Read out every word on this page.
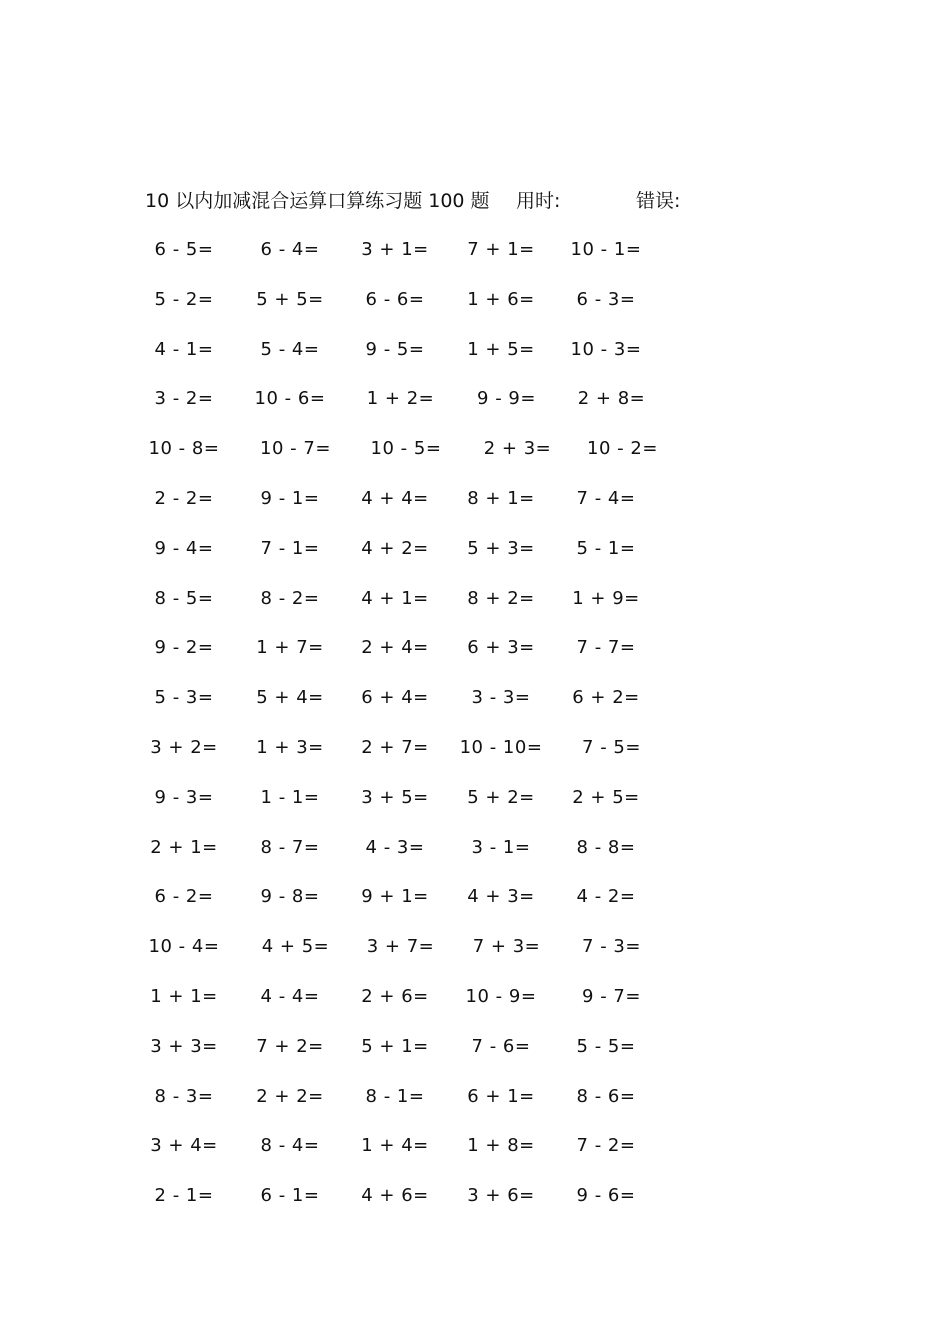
10 以内加减混合运算口算练习题 100 题 用时:	错误:
6 - 5=	6 - 4= 3 + 1= 7 + 1= 10 - 1=
5 - 2= 5 + 5= 6 - 6= 1 + 6= 6 - 3=
4 - 1=	5 - 4=	9 - 5= 1 + 5= 10 - 3=
3 - 2= 10 - 6= 1 + 2= 9 - 9= 2 + 8=
10 - 8= 10 - 7= 10 - 5= 2 + 3= 10 - 2=
2 - 2=	9 - 1= 4 + 4= 8 + 1= 7 - 4=
9 - 4=	7 - 1= 4 + 2= 5 + 3= 5 - 1=
8 - 5=	8 - 2= 4 + 1= 8 + 2= 1 + 9=
9 - 2= 1 + 7= 2 + 4= 6 + 3= 7 - 7=
5 - 3= 5 + 4= 6 + 4= 3 - 3= 6 + 2=
3 + 2= 1 + 3= 2 + 7= 10 - 10= 7 - 5=
9 - 3=	1 - 1= 3 + 5= 5 + 2= 2 + 5=
2 + 1= 8 - 7=	4 - 3=	3 - 1=	8 - 8=
6 - 2=	9 - 8= 9 + 1= 4 + 3= 4 - 2=
10 - 4= 4 + 5= 3 + 7= 7 + 3= 7 - 3=
1 + 1= 4 - 4= 2 + 6= 10 - 9=	9 - 7=
3 + 3= 7 + 2= 5 + 1= 7 - 6=	5 - 5=
8 - 3= 2 + 2= 8 - 1= 6 + 1= 8 - 6=
3 + 4= 8 - 4= 1 + 4= 1 + 8= 7 - 2=
2 - 1=	6 - 1= 4 + 6= 3 + 6= 9 - 6=
